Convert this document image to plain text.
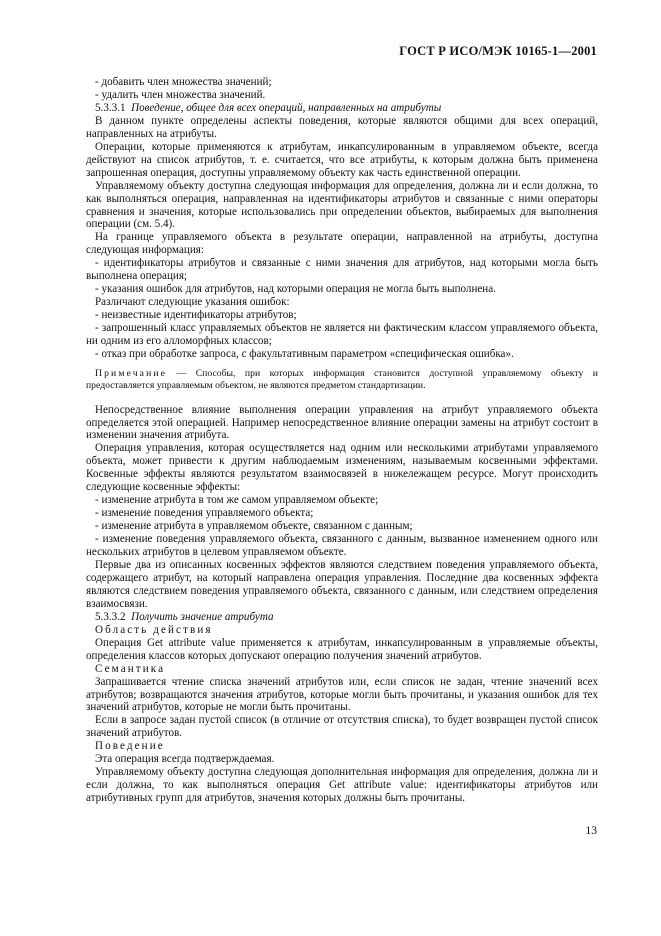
ГОСТ Р ИСО/МЭК 10165-1—2001

- добавить член множества значений;

- удалить член множества значений.

5.3.3.1 Поведение, общее для всех операций, направленных на атрибуты

В данном пункте определены аспекты поведения, которые являются общими для всех операций, направленных на атрибуты.

Операции, которые применяются к атрибутам, инкапсулированным в управляемом объекте, всегда действуют на список атрибутов, т. е. считается, что все атрибуты, к которым должна быть применена запрошенная операция, доступны управляемому объекту как часть единственной операции.

Управляемому объекту доступна следующая информация для определения, должна ли и если должна, то как выполняться операция, направленная на идентификаторы атрибутов и связанные с ними операторы сравнения и значения, которые использовались при определении объектов, выбираемых для выполнения операции (см. 5.4).

На границе управляемого объекта в результате операции, направленной на атрибуты, доступна следующая информация:

- идентификаторы атрибутов и связанные с ними значения для атрибутов, над которыми могла быть выполнена операция;

- указания ошибок для атрибутов, над которыми операция не могла быть выполнена.

Различают следующие указания ошибок:

- неизвестные идентификаторы атрибутов;

- запрошенный класс управляемых объектов не является ни фактическим классом управляемого объекта, ни одним из его алломорфных классов;

- отказ при обработке запроса, с факультативным параметром «специфическая ошибка».

Примечание — Способы, при которых информация становится доступной управляемому объекту и предоставляется управляемым объектом, не являются предметом стандартизации.

Непосредственное влияние выполнения операции управления на атрибут управляемого объекта определяется этой операцией. Например непосредственное влияние операции замены на атрибут состоит в изменении значения атрибута.

Операция управления, которая осуществляется над одним или несколькими атрибутами управляемого объекта, может привести к другим наблюдаемым изменениям, называемым косвенными эффектами. Косвенные эффекты являются результатом взаимосвязей в нижележащем ресурсе. Могут происходить следующие косвенные эффекты:

- изменение атрибута в том же самом управляемом объекте;

- изменение поведения управляемого объекта;

- изменение атрибута в управляемом объекте, связанном с данным;

- изменение поведения управляемого объекта, связанного с данным, вызванное изменением одного или нескольких атрибутов в целевом управляемом объекте.

Первые два из описанных косвенных эффектов являются следствием поведения управляемого объекта, содержащего атрибут, на который направлена операция управления. Последние два косвенных эффекта являются следствием поведения управляемого объекта, связанного с данным, или следствием определения взаимосвязи.

5.3.3.2 Получить значение атрибута

Область действия

Операция Get attribute value применяется к атрибутам, инкапсулированным в управляемые объекты, определения классов которых допускают операцию получения значений атрибутов.

Семантика

Запрашивается чтение списка значений атрибутов или, если список не задан, чтение значений всех атрибутов; возвращаются значения атрибутов, которые могли быть прочитаны, и указания ошибок для тех значений атрибутов, которые не могли быть прочитаны.

Если в запросе задан пустой список (в отличие от отсутствия списка), то будет возвращен пустой список значений атрибутов.

Поведение

Эта операция всегда подтверждаемая.

Управляемому объекту доступна следующая дополнительная информация для определения, должна ли и если должна, то как выполняться операция Get attribute value: идентификаторы атрибутов или атрибутивных групп для атрибутов, значения которых должны быть прочитаны.

13
